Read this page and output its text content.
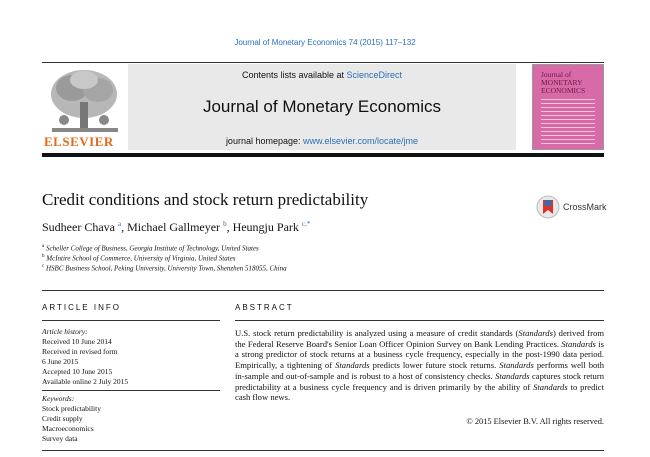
Journal of Monetary Economics 74 (2015) 117–132
ELSEVIER
Contents lists available at ScienceDirect
Journal of Monetary Economics
journal homepage: www.elsevier.com/locate/jme
Journal of MONETARY ECONOMICS
Credit conditions and stock return predictability	CrossMark
Sudheer Chava $^a$, Michael Gallmeyer $^b$, Heungju Park $^{c,*}$
$^a$ Scheller College of Business, Georgia Institute of Technology, United States
$^b$ McIntire School of Commerce, University of Virginia, United States
$^c$ HSBC Business School, Peking University, University Town, Shenzhen 518055, China
ARTICLE INFO	ABSTRACT
Article history:
Received 10 June 2014
Received in revised form
6 June 2015
Accepted 10 June 2015
Available online 2 July 2015
Keywords:
Stock predictability
Credit supply
Macroeconomics
Survey data
U.S. stock return predictability is analyzed using a measure of credit standards (Standards) derived from the Federal Reserve Board's Senior Loan Officer Opinion Survey on Bank Lending Practices. Standards is a strong predictor of stock returns at a business cycle frequency, especially in the post-1990 data period. Empirically, a tightening of Standards predicts lower future stock returns. Standards performs well both in-sample and out-of-sample and is robust to a host of consistency checks. Standards captures stock return predictability at a business cycle frequency and is driven primarily by the ability of Standards to predict cash flow news.
© 2015 Elsevier B.V. All rights reserved.
